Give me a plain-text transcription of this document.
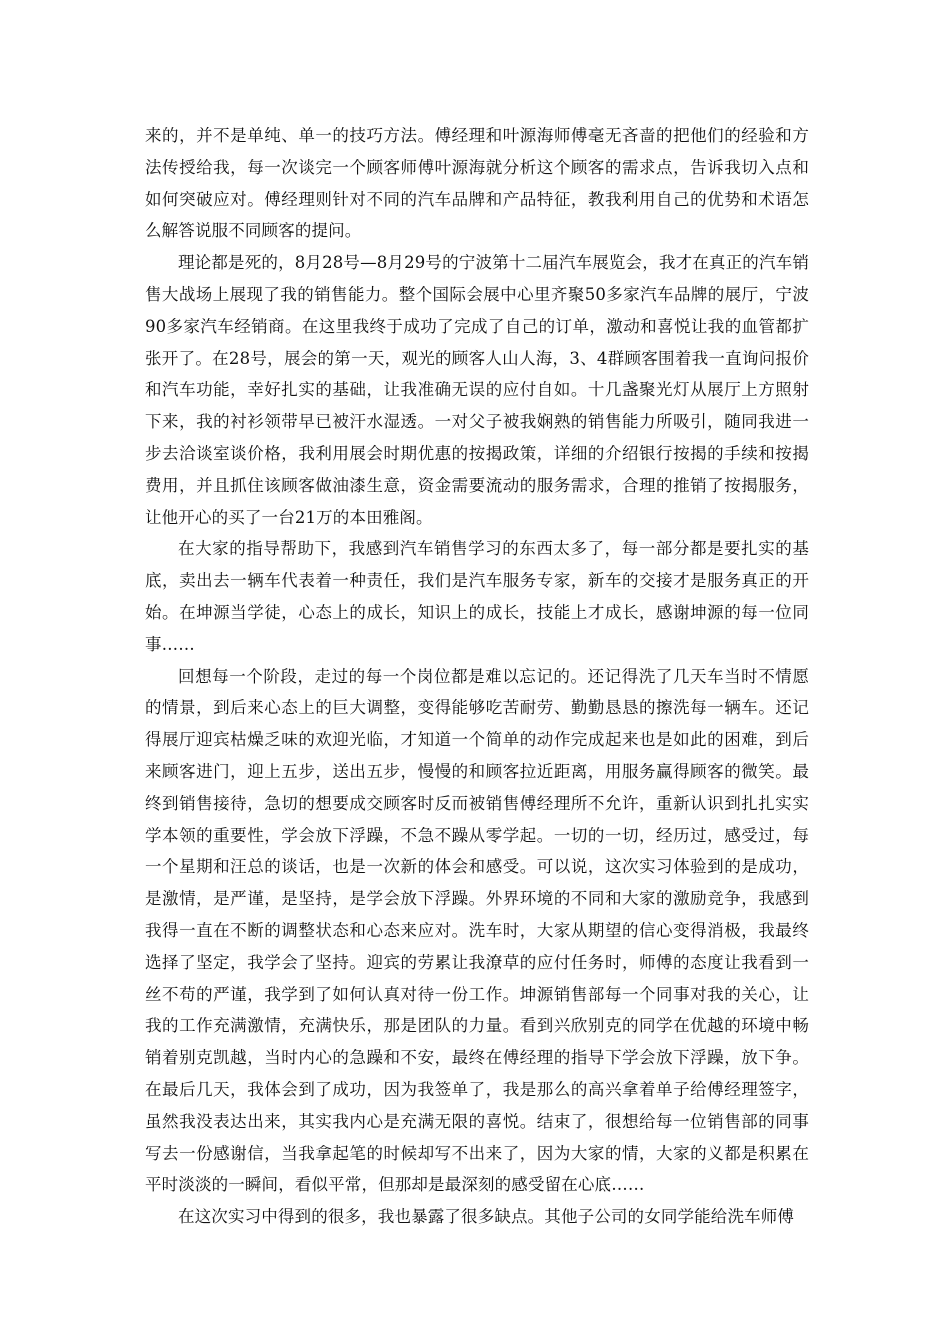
来的，并不是单纯、单一的技巧方法。傅经理和叶源海师傅毫无吝啬的把他们的经验和方法传授给我，每一次谈完一个顾客师傅叶源海就分析这个顾客的需求点，告诉我切入点和如何突破应对。傅经理则针对不同的汽车品牌和产品特征，教我利用自己的优势和术语怎么解答说服不同顾客的提问。

理论都是死的，8月28号—8月29号的宁波第十二届汽车展览会，我才在真正的汽车销售大战场上展现了我的销售能力。整个国际会展中心里齐聚50多家汽车品牌的展厅，宁波90多家汽车经销商。在这里我终于成功了完成了自己的订单，激动和喜悦让我的血管都扩张开了。在28号，展会的第一天，观光的顾客人山人海，3、4群顾客围着我一直询问报价和汽车功能，幸好扎实的基础，让我准确无误的应付自如。十几盏聚光灯从展厅上方照射下来，我的衬衫领带早已被汗水湿透。一对父子被我娴熟的销售能力所吸引，随同我进一步去洽谈室谈价格，我利用展会时期优惠的按揭政策，详细的介绍银行按揭的手续和按揭费用，并且抓住该顾客做油漆生意，资金需要流动的服务需求，合理的推销了按揭服务，让他开心的买了一台21万的本田雅阁。

在大家的指导帮助下，我感到汽车销售学习的东西太多了，每一部分都是要扎实的基底，卖出去一辆车代表着一种责任，我们是汽车服务专家，新车的交接才是服务真正的开始。在坤源当学徒，心态上的成长，知识上的成长，技能上才成长，感谢坤源的每一位同事……

回想每一个阶段，走过的每一个岗位都是难以忘记的。还记得洗了几天车当时不情愿的情景，到后来心态上的巨大调整，变得能够吃苦耐劳、勤勤恳恳的擦洗每一辆车。还记得展厅迎宾枯燥乏味的欢迎光临，才知道一个简单的动作完成起来也是如此的困难，到后来顾客进门，迎上五步，送出五步，慢慢的和顾客拉近距离，用服务赢得顾客的微笑。最终到销售接待，急切的想要成交顾客时反而被销售傅经理所不允许，重新认识到扎扎实实学本领的重要性，学会放下浮躁，不急不躁从零学起。一切的一切，经历过，感受过，每一个星期和汪总的谈话，也是一次新的体会和感受。可以说，这次实习体验到的是成功，是激情，是严谨，是坚持，是学会放下浮躁。外界环境的不同和大家的激励竞争，我感到我得一直在不断的调整状态和心态来应对。洗车时，大家从期望的信心变得消极，我最终选择了坚定，我学会了坚持。迎宾的劳累让我潦草的应付任务时，师傅的态度让我看到一丝不苟的严谨，我学到了如何认真对待一份工作。坤源销售部每一个同事对我的关心，让我的工作充满激情，充满快乐，那是团队的力量。看到兴欣别克的同学在优越的环境中畅销着别克凯越，当时内心的急躁和不安，最终在傅经理的指导下学会放下浮躁，放下争。在最后几天，我体会到了成功，因为我签单了，我是那么的高兴拿着单子给傅经理签字，虽然我没表达出来，其实我内心是充满无限的喜悦。结束了，很想给每一位销售部的同事写去一份感谢信，当我拿起笔的时候却写不出来了，因为大家的情，大家的义都是积累在平时淡淡的一瞬间，看似平常，但那却是最深刻的感受留在心底……

在这次实习中得到的很多，我也暴露了很多缺点。其他子公司的女同学能给洗车师傅
